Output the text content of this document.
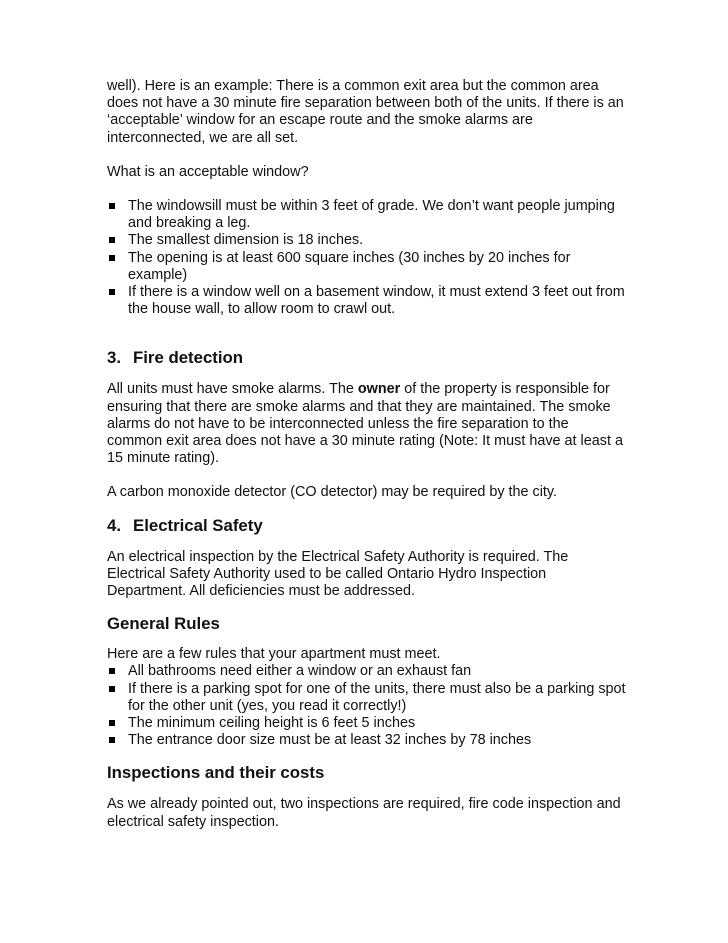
well). Here is an example: There is a common exit area but the common area does not have a 30 minute fire separation between both of the units. If there is an ‘acceptable’ window for an escape route and the smoke alarms are interconnected, we are all set.

What is an acceptable window?

The windowsill must be within 3 feet of grade. We don’t want people jumping and breaking a leg.
The smallest dimension is 18 inches.
The opening is at least 600 square inches (30 inches by 20 inches for example)
If there is a window well on a basement window, it must extend 3 feet out from the house wall, to allow room to crawl out.
3. Fire detection

All units must have smoke alarms. The owner of the property is responsible for ensuring that there are smoke alarms and that they are maintained. The smoke alarms do not have to be interconnected unless the fire separation to the common exit area does not have a 30 minute rating (Note: It must have at least a 15 minute rating).

A carbon monoxide detector (CO detector) may be required by the city.

4. Electrical Safety

An electrical inspection by the Electrical Safety Authority is required. The Electrical Safety Authority used to be called Ontario Hydro Inspection Department. All deficiencies must be addressed.

General Rules

Here are a few rules that your apartment must meet.

All bathrooms need either a window or an exhaust fan
If there is a parking spot for one of the units, there must also be a parking spot for the other unit (yes, you read it correctly!)
The minimum ceiling height is 6 feet 5 inches
The entrance door size must be at least 32 inches by 78 inches
Inspections and their costs

As we already pointed out, two inspections are required, fire code inspection and electrical safety inspection.
